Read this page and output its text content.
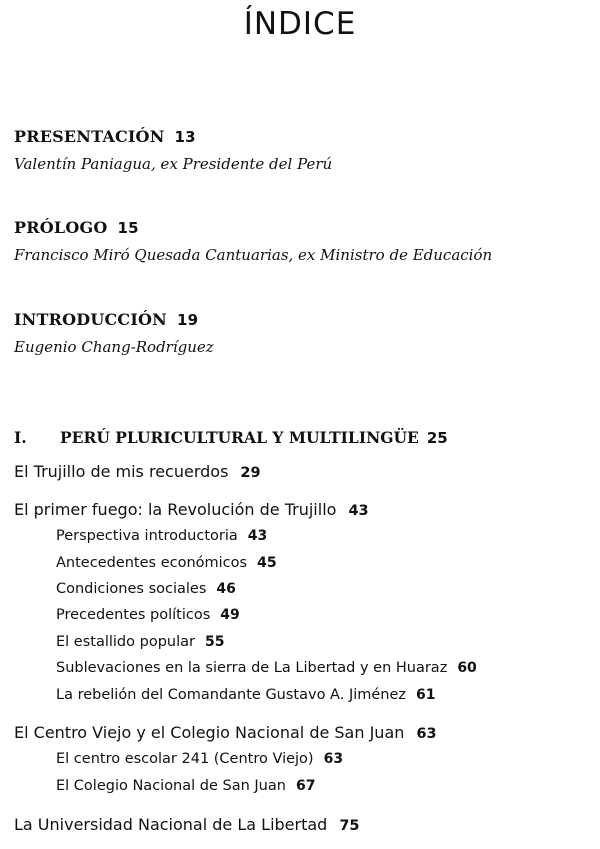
ÍNDICE
PRESENTACIÓN 13
Valentín Paniagua, ex Presidente del Perú
PRÓLOGO 15
Francisco Miró Quesada Cantuarias, ex Ministro de Educación
INTRODUCCIÓN 19
Eugenio Chang-Rodríguez
I. PERÚ PLURICULTURAL Y MULTILINGÜE 25
El Trujillo de mis recuerdos 29
El primer fuego: la Revolución de Trujillo 43
Perspectiva introductoria 43
Antecedentes económicos 45
Condiciones sociales 46
Precedentes políticos 49
El estallido popular 55
Sublevaciones en la sierra de La Libertad y en Huaraz 60
La rebelión del Comandante Gustavo A. Jiménez 61
El Centro Viejo y el Colegio Nacional de San Juan 63
El centro escolar 241 (Centro Viejo) 63
El Colegio Nacional de San Juan 67
La Universidad Nacional de La Libertad 75
